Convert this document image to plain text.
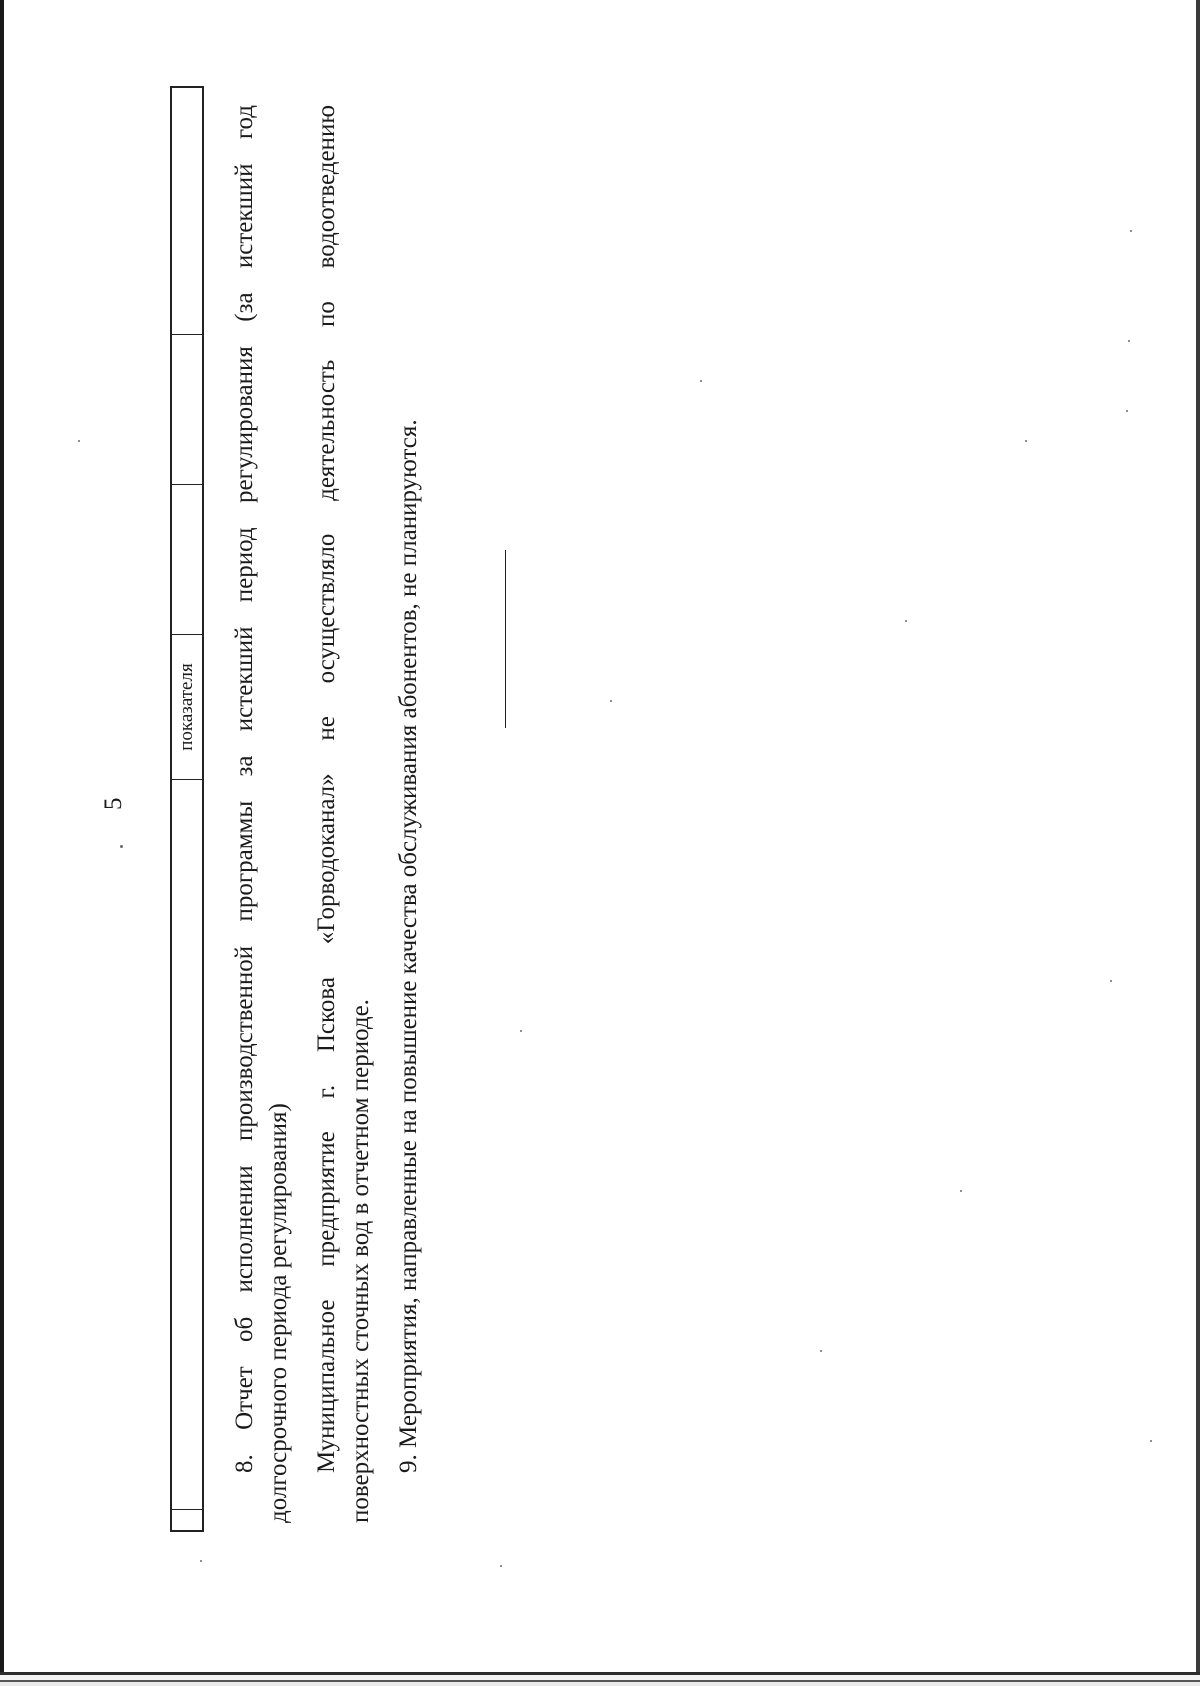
5
показателя 8. Отчет об исполнении производственной программы за истекший период регулирования (за истекший год долгосрочного периода регулирования) Муниципальное предприятие г. Пскова «Горводоканал» не осуществляло деятельность по водоотведению поверхностных сточных вод в отчетном периоде. 9. Мероприятия, направленные на повышение качества обслуживания абонентов, не планируются.
